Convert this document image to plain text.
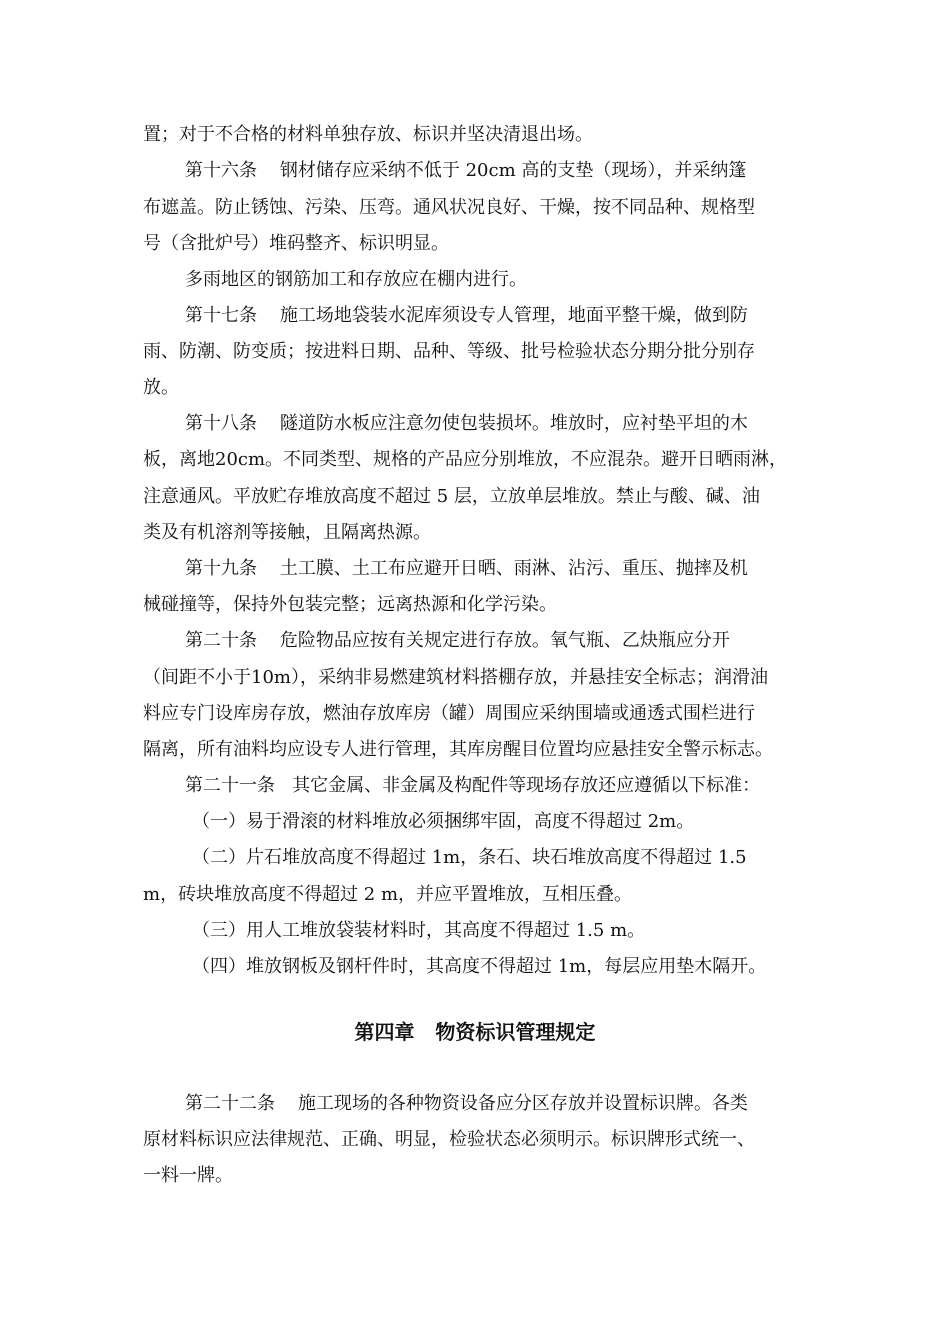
置；对于不合格的材料单独存放、标识并坚决清退出场。
第十六条    钢材储存应采纳不低于 20cm 高的支垫（现场），并采纳篷
布遮盖。防止锈蚀、污染、压弯。通风状况良好、干燥，按不同品种、规格型
号（含批炉号）堆码整齐、标识明显。
多雨地区的钢筋加工和存放应在棚内进行。
第十七条    施工场地袋装水泥库须设专人管理，地面平整干燥，做到防
雨、防潮、防变质；按进料日期、品种、等级、批号检验状态分期分批分别存
放。
第十八条    隧道防水板应注意勿使包装损坏。堆放时，应衬垫平坦的木
板，离地20cm。不同类型、规格的产品应分别堆放，不应混杂。避开日晒雨淋，
注意通风。平放贮存堆放高度不超过 5 层，立放单层堆放。禁止与酸、碱、油
类及有机溶剂等接触，且隔离热源。
第十九条    土工膜、土工布应避开日晒、雨淋、沾污、重压、抛摔及机
械碰撞等，保持外包装完整；远离热源和化学污染。
第二十条    危险物品应按有关规定进行存放。氧气瓶、乙炔瓶应分开
（间距不小于10m），采纳非易燃建筑材料搭棚存放，并悬挂安全标志；润滑油
料应专门设库房存放，燃油存放库房（罐）周围应采纳围墙或通透式围栏进行
隔离，所有油料均应设专人进行管理，其库房醒目位置均应悬挂安全警示标志。
第二十一条   其它金属、非金属及构配件等现场存放还应遵循以下标准：
（一）易于滑滚的材料堆放必须捆绑牢固，高度不得超过 2m。
（二）片石堆放高度不得超过 1m，条石、块石堆放高度不得超过 1.5
m，砖块堆放高度不得超过 2 m，并应平置堆放，互相压叠。
（三）用人工堆放袋装材料时，其高度不得超过 1.5 m。
（四）堆放钢板及钢杆件时，其高度不得超过 1m，每层应用垫木隔开。
第四章   物资标识管理规定
第二十二条    施工现场的各种物资设备应分区存放并设置标识牌。各类
原材料标识应法律规范、正确、明显，检验状态必须明示。标识牌形式统一、
一料一牌。
